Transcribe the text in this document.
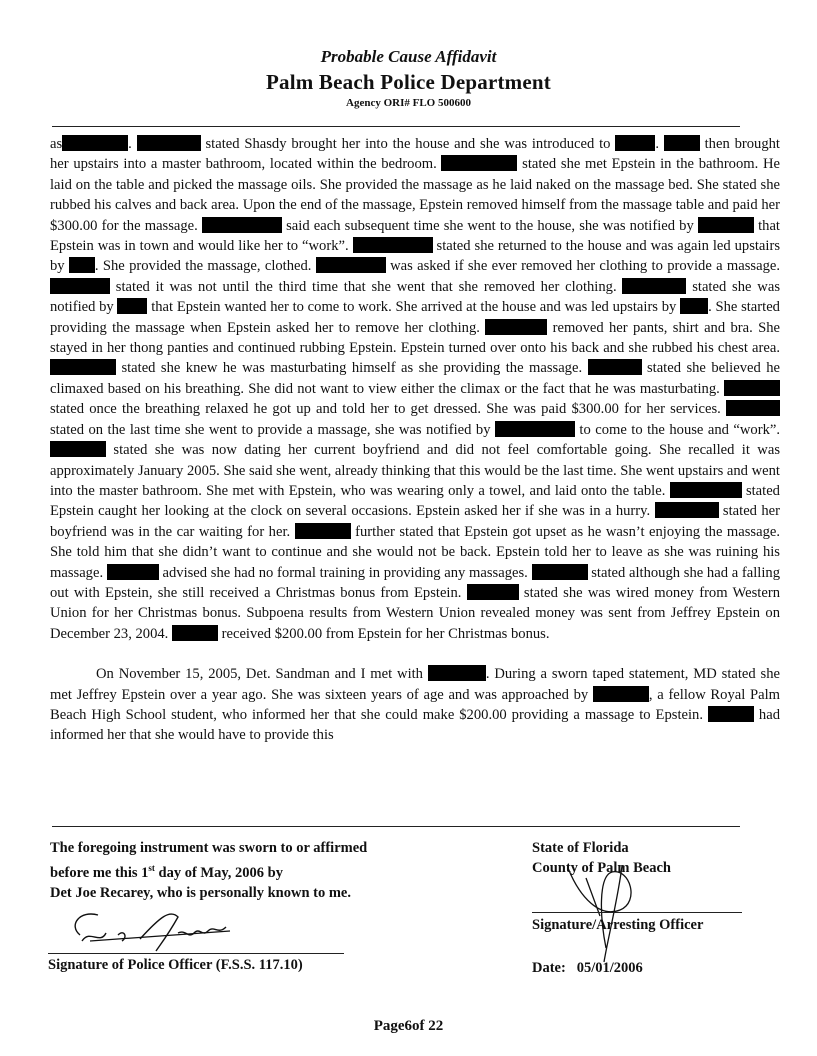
Probable Cause Affidavit
Palm Beach Police Department
Agency ORI# FLO 500600

as	.	stated Shasdy brought her into the house and she was introduced to	.  then brought her upstairs into a master bathroom, located within the bedroom.	stated she met Epstein in the bathroom. He laid on the table and picked the massage oils. She provided the massage as he laid naked on the massage bed. She stated she rubbed his calves and back area. Upon the end of the massage, Epstein removed himself from the massage table and paid her $300.00 for the massage.	said each subsequent time she went to the house, she was notified by	that Epstein was in town and would like her to “work”.	stated she returned to the house and was again led upstairs by . She provided the massage, clothed.	was asked if she ever removed her clothing to provide a massage.  stated it was not until the third time that she went that she removed her clothing.	stated she was notified by  that Epstein wanted her to come to work. She arrived at the house and was led upstairs by . She started providing the massage when Epstein asked her to remove her clothing.	removed her pants, shirt and bra. She stayed in her thong panties and continued rubbing Epstein. Epstein turned over onto his back and she rubbed his chest area.  stated she knew he was masturbating himself as she providing the massage.	stated she believed he climaxed based on his breathing. She did not want to view either the climax or the fact that he was masturbating.  stated once the breathing relaxed he got up and told her to get dressed. She was paid $300.00 for her services.  stated on the last time she went to provide a massage, she was notified by	to come to the house and “work”.  stated she was now dating her current boyfriend and did not feel comfortable going. She recalled it was approximately January 2005. She said she went, already thinking that this would be the last time. She went upstairs and went into the master bathroom. She met with Epstein, who was wearing only a towel, and laid onto the table.	stated Epstein caught her looking at the clock on several occasions. Epstein asked her if she was in a hurry.	stated her boyfriend was in the car waiting for her.	further stated that Epstein got upset as he wasn’t enjoying the massage. She told him that she didn’t want to continue and she would not be back. Epstein told her to leave as she was ruining his massage.	advised she had no formal training in providing any massages.	stated although she had a falling out with Epstein, she still received a Christmas bonus from Epstein.	stated she was wired money from Western Union for her Christmas bonus. Subpoena results from Western Union revealed money was sent from Jeffrey Epstein on December 23, 2004.	received $200.00 from Epstein for her Christmas bonus.

On November 15, 2005, Det. Sandman and I met with	. During a sworn taped statement, MD stated she met Jeffrey Epstein over a year ago. She was sixteen years of age and was approached by	, a fellow Royal Palm Beach High School student, who informed her that she could make $200.00 providing a massage to Epstein.	had informed her that she would have to provide this

The foregoing instrument was sworn to or affirmed
before me this 1st day of May, 2006 by
Det Joe Recarey, who is personally known to me.
Signature of Police Officer (F.S.S. 117.10)
State of Florida
County of Palm Beach
Signature/Arresting Officer
Date: 05/01/2006
Page6of 22
